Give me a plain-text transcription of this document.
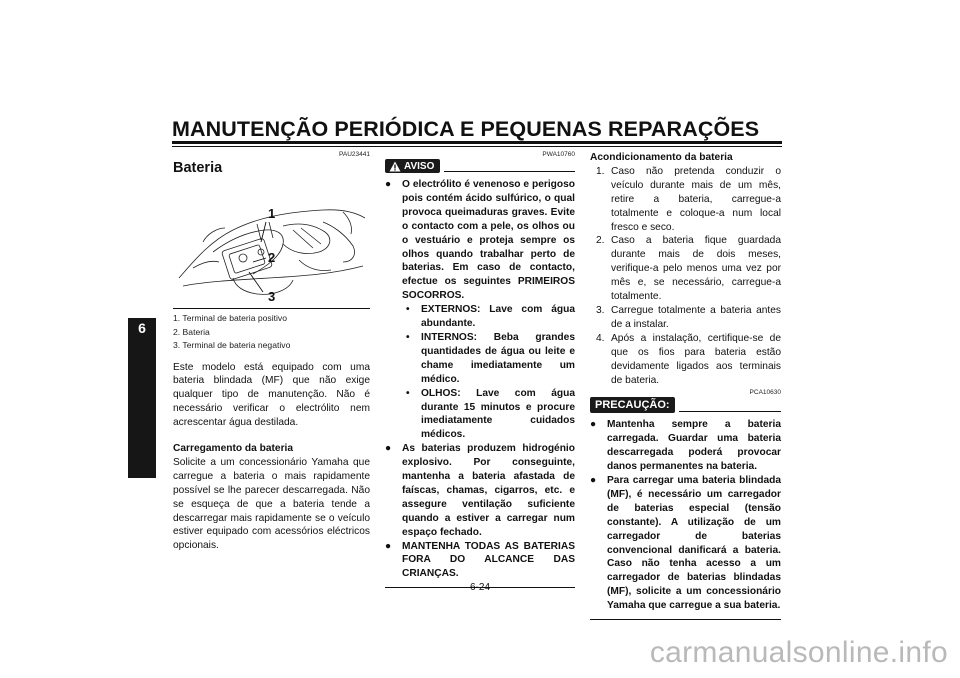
MANUTENÇÃO PERIÓDICA E PEQUENAS REPARAÇÕES
6
PAU23441
Bateria
1
2
3
1. Terminal de bateria positivo
2. Bateria
3. Terminal de bateria negativo

Este modelo está equipado com uma bateria blindada (MF) que não exige qualquer tipo de manutenção. Não é necessário verificar o electrólito nem acrescentar água destilada.

Carregamento da bateria

Solicite a um concessionário Yamaha que carregue a bateria o mais rapidamente possível se lhe parecer descarregada. Não se esqueça de que a bateria tende a descarregar mais rapidamente se o veículo estiver equipado com acessórios eléctricos opcionais.

PWA10760
AVISO
● O electrólito é venenoso e perigoso pois contém ácido sulfúrico, o qual provoca queimaduras graves. Evite o contacto com a pele, os olhos ou o vestuário e proteja sempre os olhos quando trabalhar perto de baterias. Em caso de contacto, efectue os seguintes PRIMEIROS SOCORROS.
• EXTERNOS: Lave com água abundante.
• INTERNOS: Beba grandes quantidades de água ou leite e chame imediatamente um médico.
• OLHOS: Lave com água durante 15 minutos e procure imediatamente cuidados médicos.
● As baterias produzem hidrogénio explosivo. Por conseguinte, mantenha a bateria afastada de faíscas, chamas, cigarros, etc. e assegure ventilação suficiente quando a estiver a carregar num espaço fechado.
● MANTENHA TODAS AS BATERIAS FORA DO ALCANCE DAS CRIANÇAS.

Acondicionamento da bateria

1. Caso não pretenda conduzir o veículo durante mais de um mês, retire a bateria, carregue-a totalmente e coloque-a num local fresco e seco.
2. Caso a bateria fique guardada durante mais de dois meses, verifique-a pelo menos uma vez por mês e, se necessário, carregue-a totalmente.
3. Carregue totalmente a bateria antes de a instalar.
4. Após a instalação, certifique-se de que os fios para bateria estão devidamente ligados aos terminais de bateria.
PCA10630
PRECAUÇÃO:
● Mantenha sempre a bateria carregada. Guardar uma bateria descarregada poderá provocar danos permanentes na bateria.
● Para carregar uma bateria blindada (MF), é necessário um carregador de baterias especial (tensão constante). A utilização de um carregador de baterias convencional danificará a bateria. Caso não tenha acesso a um carregador de baterias blindadas (MF), solicite a um concessionário Yamaha que carregue a sua bateria.
6-24
carmanualsonline.info
